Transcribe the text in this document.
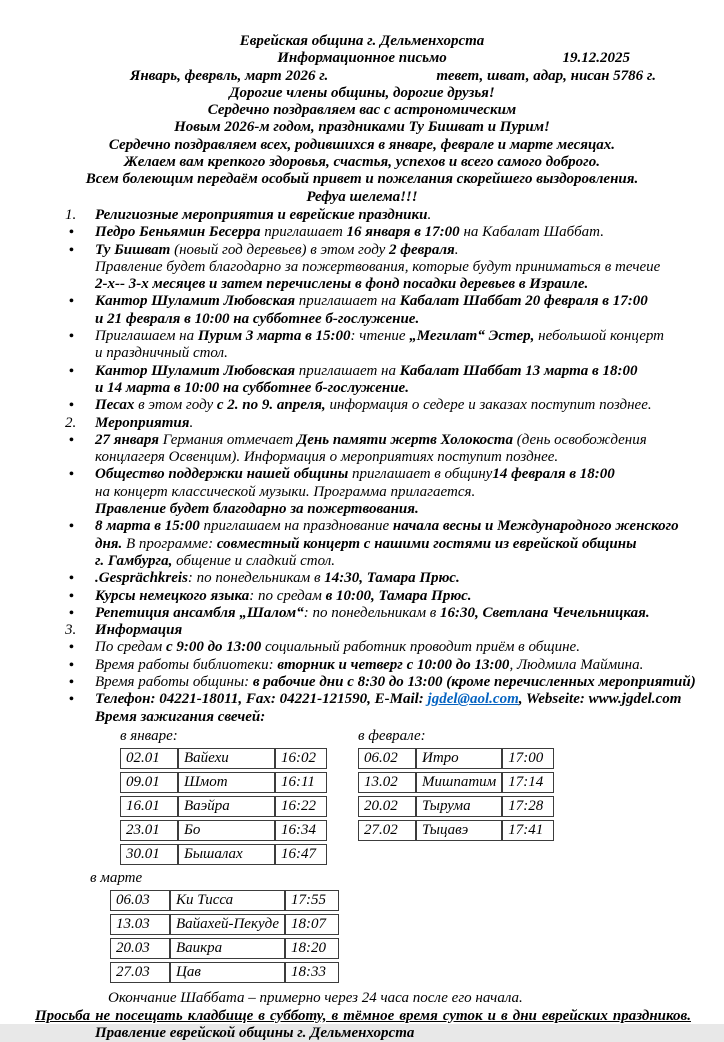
Еврейская община г. Дельменхорста
Информационное письмо	19.12.2025
Январь, феврвль, март 2026 г.	тевет, шват, адар, нисан 5786 г.
Дорогие члены общины, дорогие друзья!
Сердечно поздравляем вас с астрономическим
Новым 2026-м годом, праздниками Ту Бишват и Пурим!
Сердечно поздравляем всех, родившихся в январе, феврале и марте месяцах.
Желаем вам крепкого здоровья, счастья, успехов и всего самого доброго.
Всем болеющим передаём особый привет и пожелания скорейшего выздоровления.
Рефуа шелема!!!
1.	Религиозные мероприятия и еврейские праздники.
•	Педро Беньямин Бесерра приглашает 16 января в 17:00 на Кабалат Шаббат.
•	Ту Бишват (новый год деревьев) в этом году 2 февраля.
Правление будет благодарно за пожертвования, которые будут приниматься в течеие
2-х-- 3-х месяцев и затем перечислены в фонд посадки деревьев в Израиле.
•	Кантор Шуламит Любовская приглашает на Кабалат Шаббат 20 февраля в 17:00
и 21 февраля в 10:00 на субботнее б-гослужение.
•	Приглашаем на Пурим 3 марта в 15:00: чтение „Мегилат“ Эстер, небольшой концерт
и праздничный стол.
•	Кантор Шуламит Любовская приглашает на Кабалат Шаббат 13 марта в 18:00
и 14 марта в 10:00 на субботнее б-гослужение.
•	Песах в этом году с 2. по 9. апреля, информация о седере и заказах поступит позднее.
2.	Мероприятия.
•	27 января Германия отмечает День памяти жертв Холокоста (день освобождения
концлагеря Освенцим). Информация о мероприятиях поступит позднее.
•	Общество поддержки нашей общины приглашает в общину14 февраля в 18:00
на концерт классической музыки. Программа прилагается.
Правление будет благодарно за пожертвования.
•	8 марта в 15:00 приглашаем на празднование начала весны и Международного женского
дня. В программе: совместный концерт с нашими гостями из еврейской общины
г. Гамбурга, общение и сладкий стол.
•	.Gesprächkreis: по понедельникам в 14:30, Тамара Прюс.
•	Курсы немецкого языка: по средам в 10:00, Тамара Прюс.
•	Репетиция ансамбля „Шалом“: по понедельникам в 16:30, Светлана Чечельницкая.
3.	Информация
•	По средам с 9:00 до 13:00 социальный работник проводит приём в общине.
•	Время работы библиотеки: вторник и четверг с 10:00 до 13:00, Людмила Маймина.
•	Время работы общины: в рабочие дни с 8:30 до 13:00 (кроме перечисленных мероприятий)
•	Телефон: 04221-18011, Fax: 04221-121590, E-Mail: jgdel@aol.com, Webseite: www.jgdel.com
Время зажигания свечей:
в январе:
02.01	Вайехи	16:02
09.01	Шмот	16:11
16.01	Ваэйра	16:22
23.01	Бо	16:34
30.01	Бышалах	16:47
в феврале:
06.02	Итро	17:00
13.02	Мишпатим	17:14
20.02	Тырума	17:28
27.02	Тыцавэ	17:41
в марте
06.03	Ки Тисса	17:55
13.03	Вайахей-Пекуде	18:07
20.03	Ваикра	18:20
27.03	Цав	18:33
Окончание Шаббата – примерно через 24 часа после его начала.
Просьба не посещать кладбище в субботу, в тёмное время суток и в дни еврейских праздников.
Правление еврейской общины г. Дельменхорста
